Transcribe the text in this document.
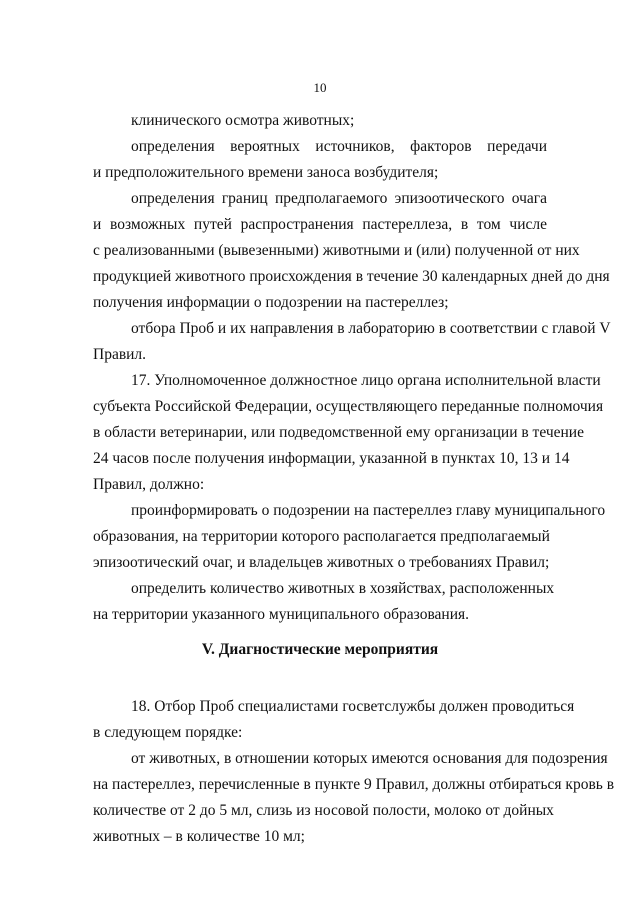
10
клинического осмотра животных;
определения вероятных источников, факторов передачи
и предположительного времени заноса возбудителя;
определения границ предполагаемого эпизоотического очага
и возможных путей распространения пастереллеза, в том числе
с реализованными (вывезенными) животными и (или) полученной от них
продукцией животного происхождения в течение 30 календарных дней до дня
получения информации о подозрении на пастереллез;
отбора Проб и их направления в лабораторию в соответствии с главой V
Правил.
17. Уполномоченное должностное лицо органа исполнительной власти
субъекта Российской Федерации, осуществляющего переданные полномочия
в области ветеринарии, или подведомственной ему организации в течение
24 часов после получения информации, указанной в пунктах 10, 13 и 14
Правил, должно:
проинформировать о подозрении на пастереллез главу муниципального
образования, на территории которого располагается предполагаемый
эпизоотический очаг, и владельцев животных о требованиях Правил;
определить количество животных в хозяйствах, расположенных
на территории указанного муниципального образования.
V. Диагностические мероприятия
18. Отбор Проб специалистами госветслужбы должен проводиться
в следующем порядке:
от животных, в отношении которых имеются основания для подозрения
на пастереллез, перечисленные в пункте 9 Правил, должны отбираться кровь в
количестве от 2 до 5 мл, слизь из носовой полости, молоко от дойных
животных – в количестве 10 мл;
